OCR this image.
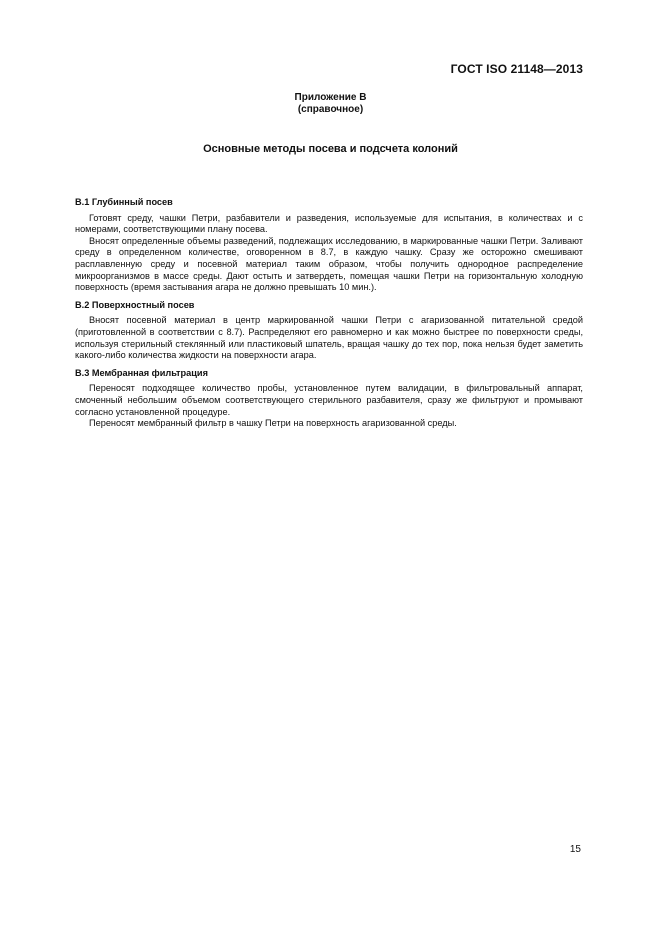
ГОСТ ISO 21148—2013
Приложение В
(справочное)
Основные методы посева и подсчета колоний

В.1 Глубинный посев

Готовят среду, чашки Петри, разбавители и разведения, используемые для испытания, в количествах и с номерами, соответствующими плану посева.

Вносят определенные объемы разведений, подлежащих исследованию, в маркированные чашки Петри. Заливают среду в определенном количестве, оговоренном в 8.7, в каждую чашку. Сразу же осторожно смешивают расплавленную среду и посевной материал таким образом, чтобы получить однородное распределение микроорганизмов в массе среды. Дают остыть и затвердеть, помещая чашки Петри на горизонтальную холодную поверхность (время застывания агара не должно превышать 10 мин.).

В.2 Поверхностный посев

Вносят посевной материал в центр маркированной чашки Петри с агаризованной питательной средой (приготовленной в соответствии с 8.7). Распределяют его равномерно и как можно быстрее по поверхности среды, используя стерильный стеклянный или пластиковый шпатель, вращая чашку до тех пор, пока нельзя будет заметить какого-либо количества жидкости на поверхности агара.

В.3 Мембранная фильтрация

Переносят подходящее количество пробы, установленное путем валидации, в фильтровальный аппарат, смоченный небольшим объемом соответствующего стерильного разбавителя, сразу же фильтруют и промывают согласно установленной процедуре.

Переносят мембранный фильтр в чашку Петри на поверхность агаризованной среды.

15
